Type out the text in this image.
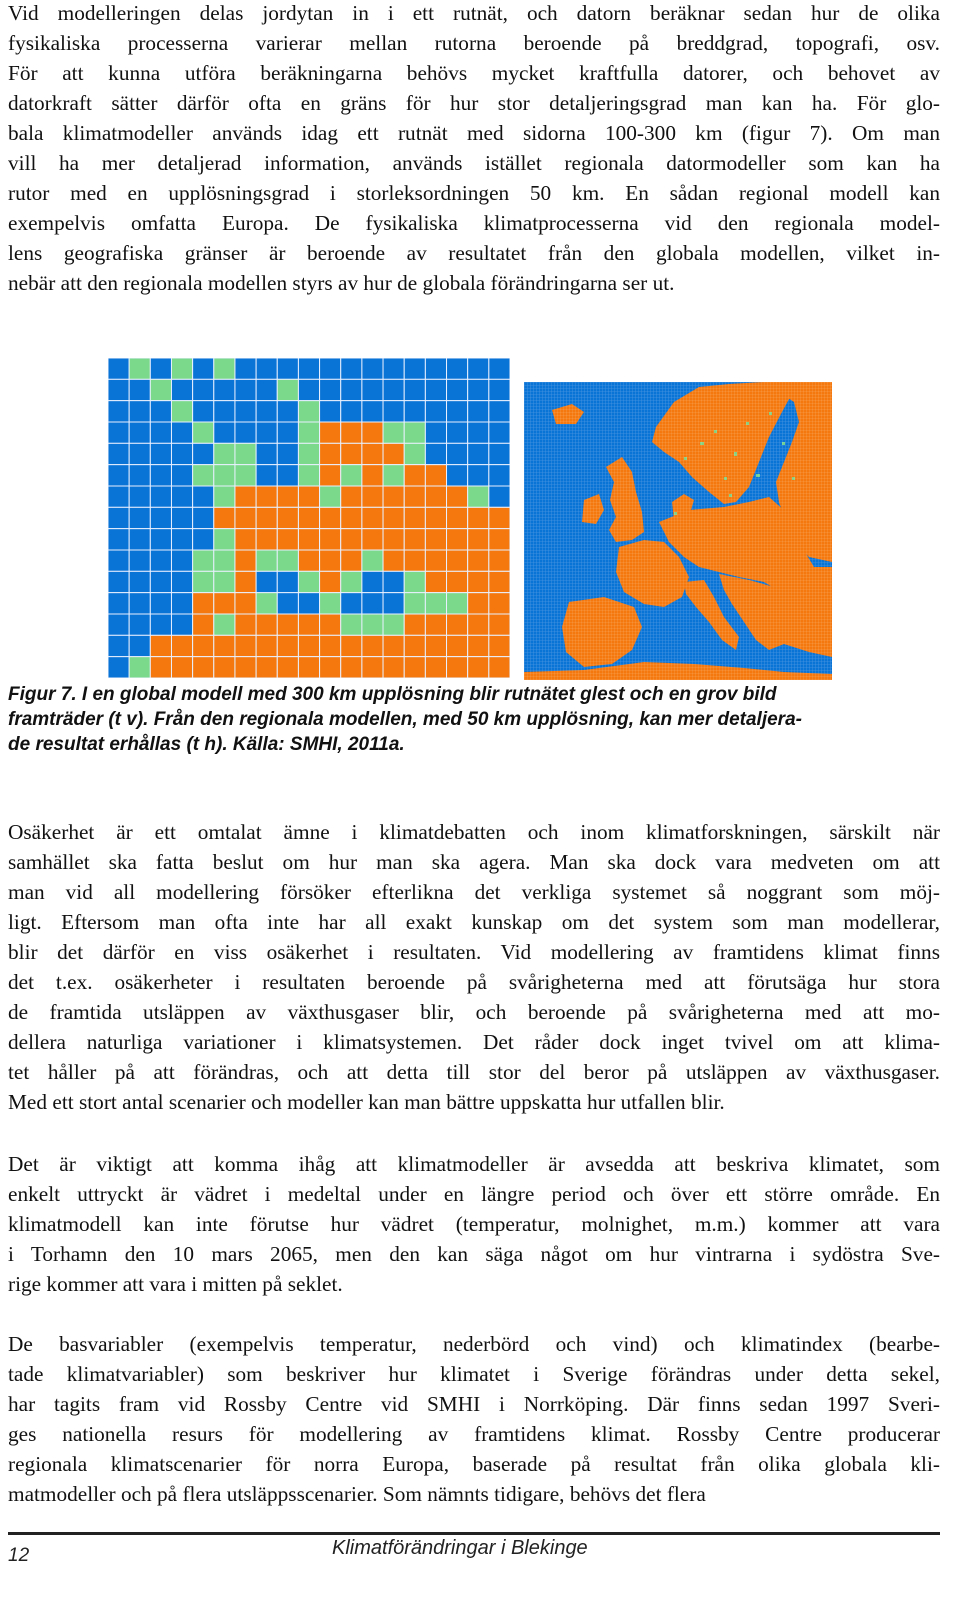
Vid modelleringen delas jordytan in i ett rutnät, och datorn beräknar sedan hur de olika
fysikaliska processerna varierar mellan rutorna beroende på breddgrad, topografi, osv.
För att kunna utföra beräkningarna behövs mycket kraftfulla datorer, och behovet av
datorkraft sätter därför ofta en gräns för hur stor detaljeringsgrad man kan ha. För glo-
bala klimatmodeller används idag ett rutnät med sidorna 100-300 km (figur 7). Om man
vill ha mer detaljerad information, används istället regionala datormodeller som kan ha
rutor med en upplösningsgrad i storleksordningen 50 km. En sådan regional modell kan
exempelvis omfatta Europa. De fysikaliska klimatprocesserna vid den regionala model-
lens geografiska gränser är beroende av resultatet från den globala modellen, vilket in-
nebär att den regionala modellen styrs av hur de globala förändringarna ser ut.

Figur 7. I en global modell med 300 km upplösning blir rutnätet glest och en grov bild
framträder (t v). Från den regionala modellen, med 50 km upplösning, kan mer detaljera-
de resultat erhållas (t h). Källa: SMHI, 2011a.

Osäkerhet är ett omtalat ämne i klimatdebatten och inom klimatforskningen, särskilt när
samhället ska fatta beslut om hur man ska agera. Man ska dock vara medveten om att
man vid all modellering försöker efterlikna det verkliga systemet så noggrant som möj-
ligt. Eftersom man ofta inte har all exakt kunskap om det system som man modellerar,
blir det därför en viss osäkerhet i resultaten. Vid modellering av framtidens klimat finns
det t.ex. osäkerheter i resultaten beroende på svårigheterna med att förutsäga hur stora
de framtida utsläppen av växthusgaser blir, och beroende på svårigheterna med att mo-
dellera naturliga variationer i klimatsystemen. Det råder dock inget tvivel om att klima-
tet håller på att förändras, och att detta till stor del beror på utsläppen av växthusgaser.
Med ett stort antal scenarier och modeller kan man bättre uppskatta hur utfallen blir.

Det är viktigt att komma ihåg att klimatmodeller är avsedda att beskriva klimatet, som
enkelt uttryckt är vädret i medeltal under en längre period och över ett större område. En
klimatmodell kan inte förutse hur vädret (temperatur, molnighet, m.m.) kommer att vara
i Torhamn den 10 mars 2065, men den kan säga något om hur vintrarna i sydöstra Sve-
rige kommer att vara i mitten på seklet.

De basvariabler (exempelvis temperatur, nederbörd och vind) och klimatindex (bearbe-
tade klimatvariabler) som beskriver hur klimatet i Sverige förändras under detta sekel,
har tagits fram vid Rossby Centre vid SMHI i Norrköping. Där finns sedan 1997 Sveri-
ges nationella resurs för modellering av framtidens klimat. Rossby Centre producerar
regionala klimatscenarier för norra Europa, baserade på resultat från olika globala kli-
matmodeller och på flera utsläppsscenarier. Som nämnts tidigare, behövs det flera

12	Klimatförändringar i Blekinge
